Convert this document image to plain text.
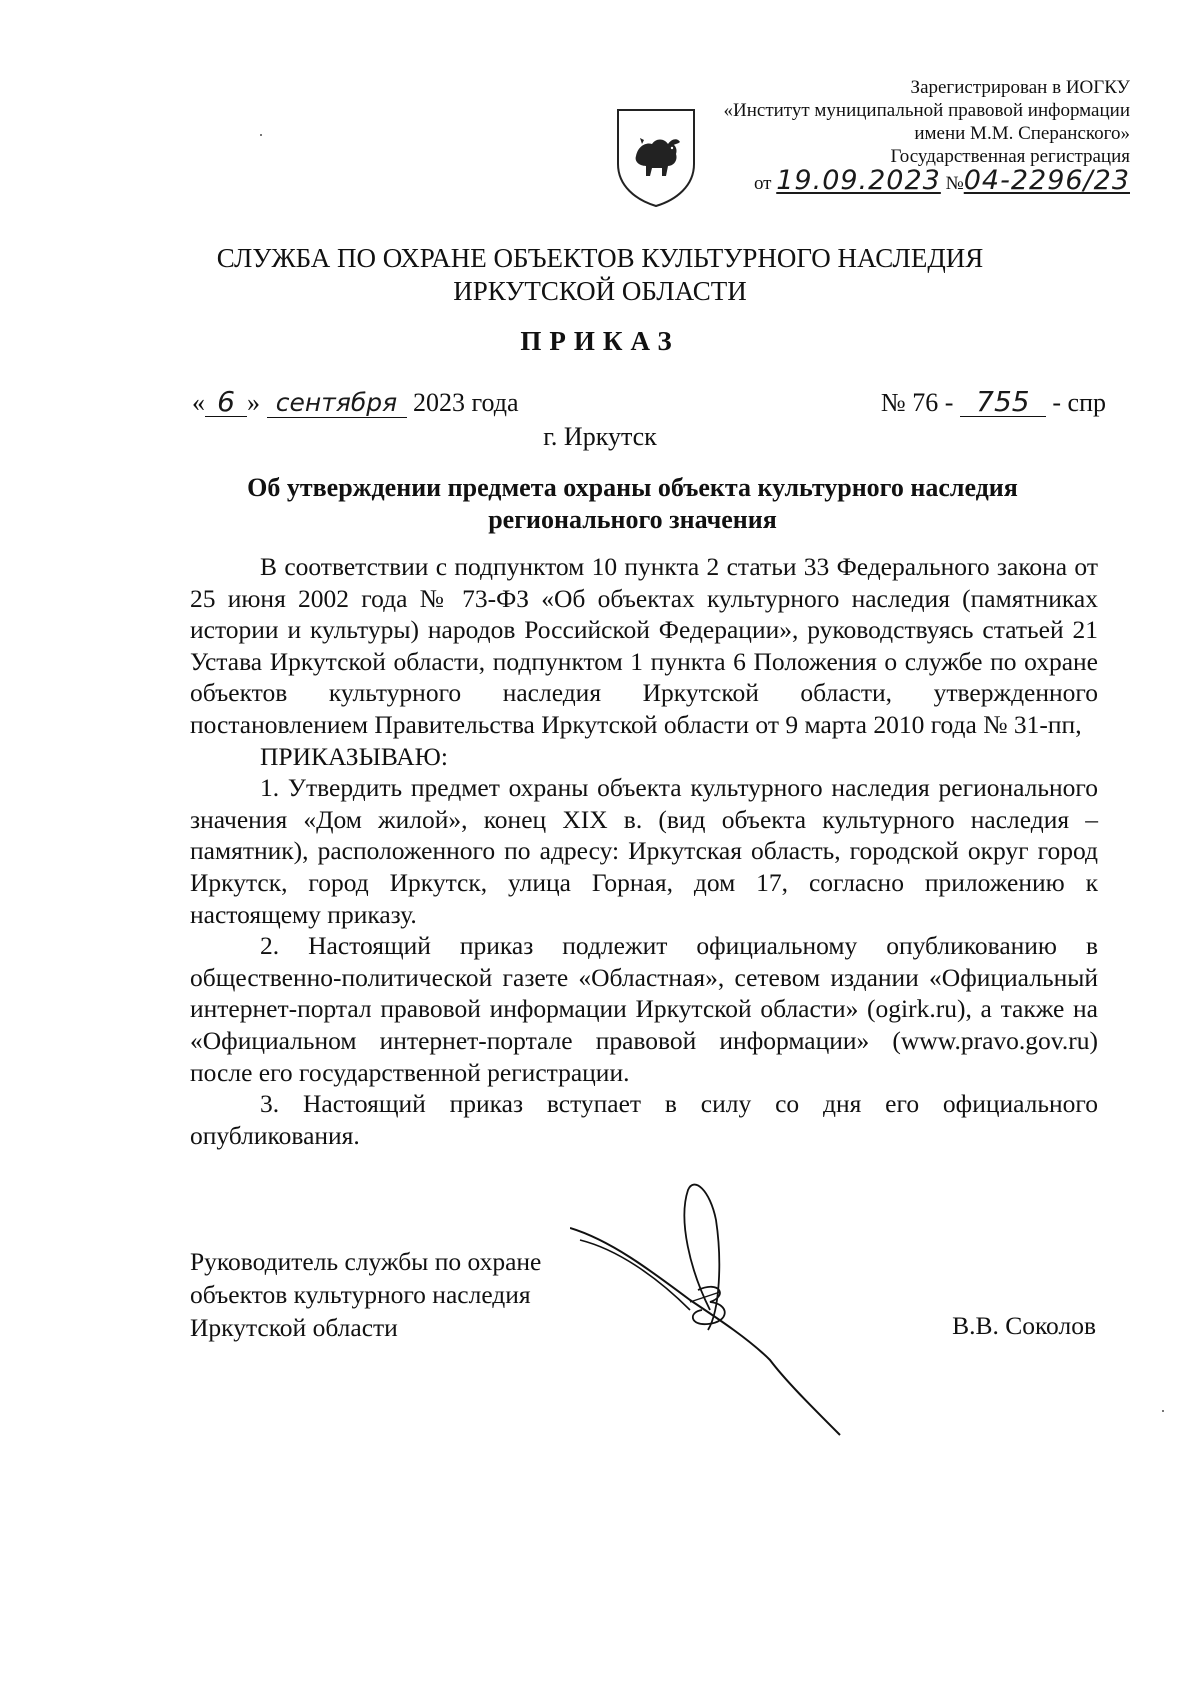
Зарегистрирован в ИОГКУ
«Институт муниципальной правовой информации
имени М.М. Сперанского»
Государственная регистрация
от 19.09.2023 №04-2296/23
СЛУЖБА ПО ОХРАНЕ ОБЪЕКТОВ КУЛЬТУРНОГО НАСЛЕДИЯ
ИРКУТСКОЙ ОБЛАСТИ
ПРИКАЗ
« 6 » сентября 2023 года	№ 76 - 755 - спр
г. Иркутск
Об утверждении предмета охраны объекта культурного наследия
регионального значения

В соответствии с подпунктом 10 пункта 2 статьи 33 Федерального закона от 25 июня 2002 года № 73-ФЗ «Об объектах культурного наследия (памятниках истории и культуры) народов Российской Федерации», руководствуясь статьей 21 Устава Иркутской области, подпунктом 1 пункта 6 Положения о службе по охране объектов культурного наследия Иркутской области, утвержденного постановлением Правительства Иркутской области от 9 марта 2010 года № 31-пп,

ПРИКАЗЫВАЮ:

1. Утвердить предмет охраны объекта культурного наследия регионального значения «Дом жилой», конец XIX в. (вид объекта культурного наследия – памятник), расположенного по адресу: Иркутская область, городской округ город Иркутск, город Иркутск, улица Горная, дом 17, согласно приложению к настоящему приказу.

2. Настоящий приказ подлежит официальному опубликованию в общественно-политической газете «Областная», сетевом издании «Официальный интернет-портал правовой информации Иркутской области» (ogirk.ru), а также на «Официальном интернет-портале правовой информации» (www.pravo.gov.ru) после его государственной регистрации.

3. Настоящий приказ вступает в силу со дня его официального опубликования.

Руководитель службы по охране
объектов культурного наследия
Иркутской области	В.В. Соколов
